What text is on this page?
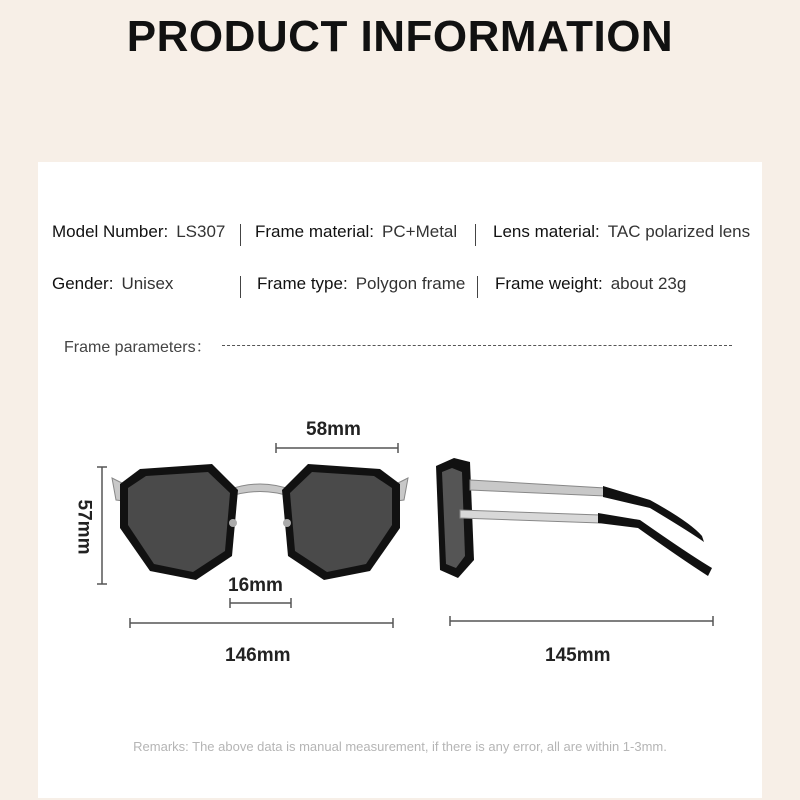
PRODUCT INFORMATION
Model Number: LS307 Frame material: PC+Metal Lens material: TAC polarized lens
Gender: Unisex	Frame type: Polygon frame Frame weight: about 23g
Frame parameters：
58mm
57mm
16mm
146mm	145mm
Remarks: The above data is manual measurement, if there is any error, all are within 1-3mm.
